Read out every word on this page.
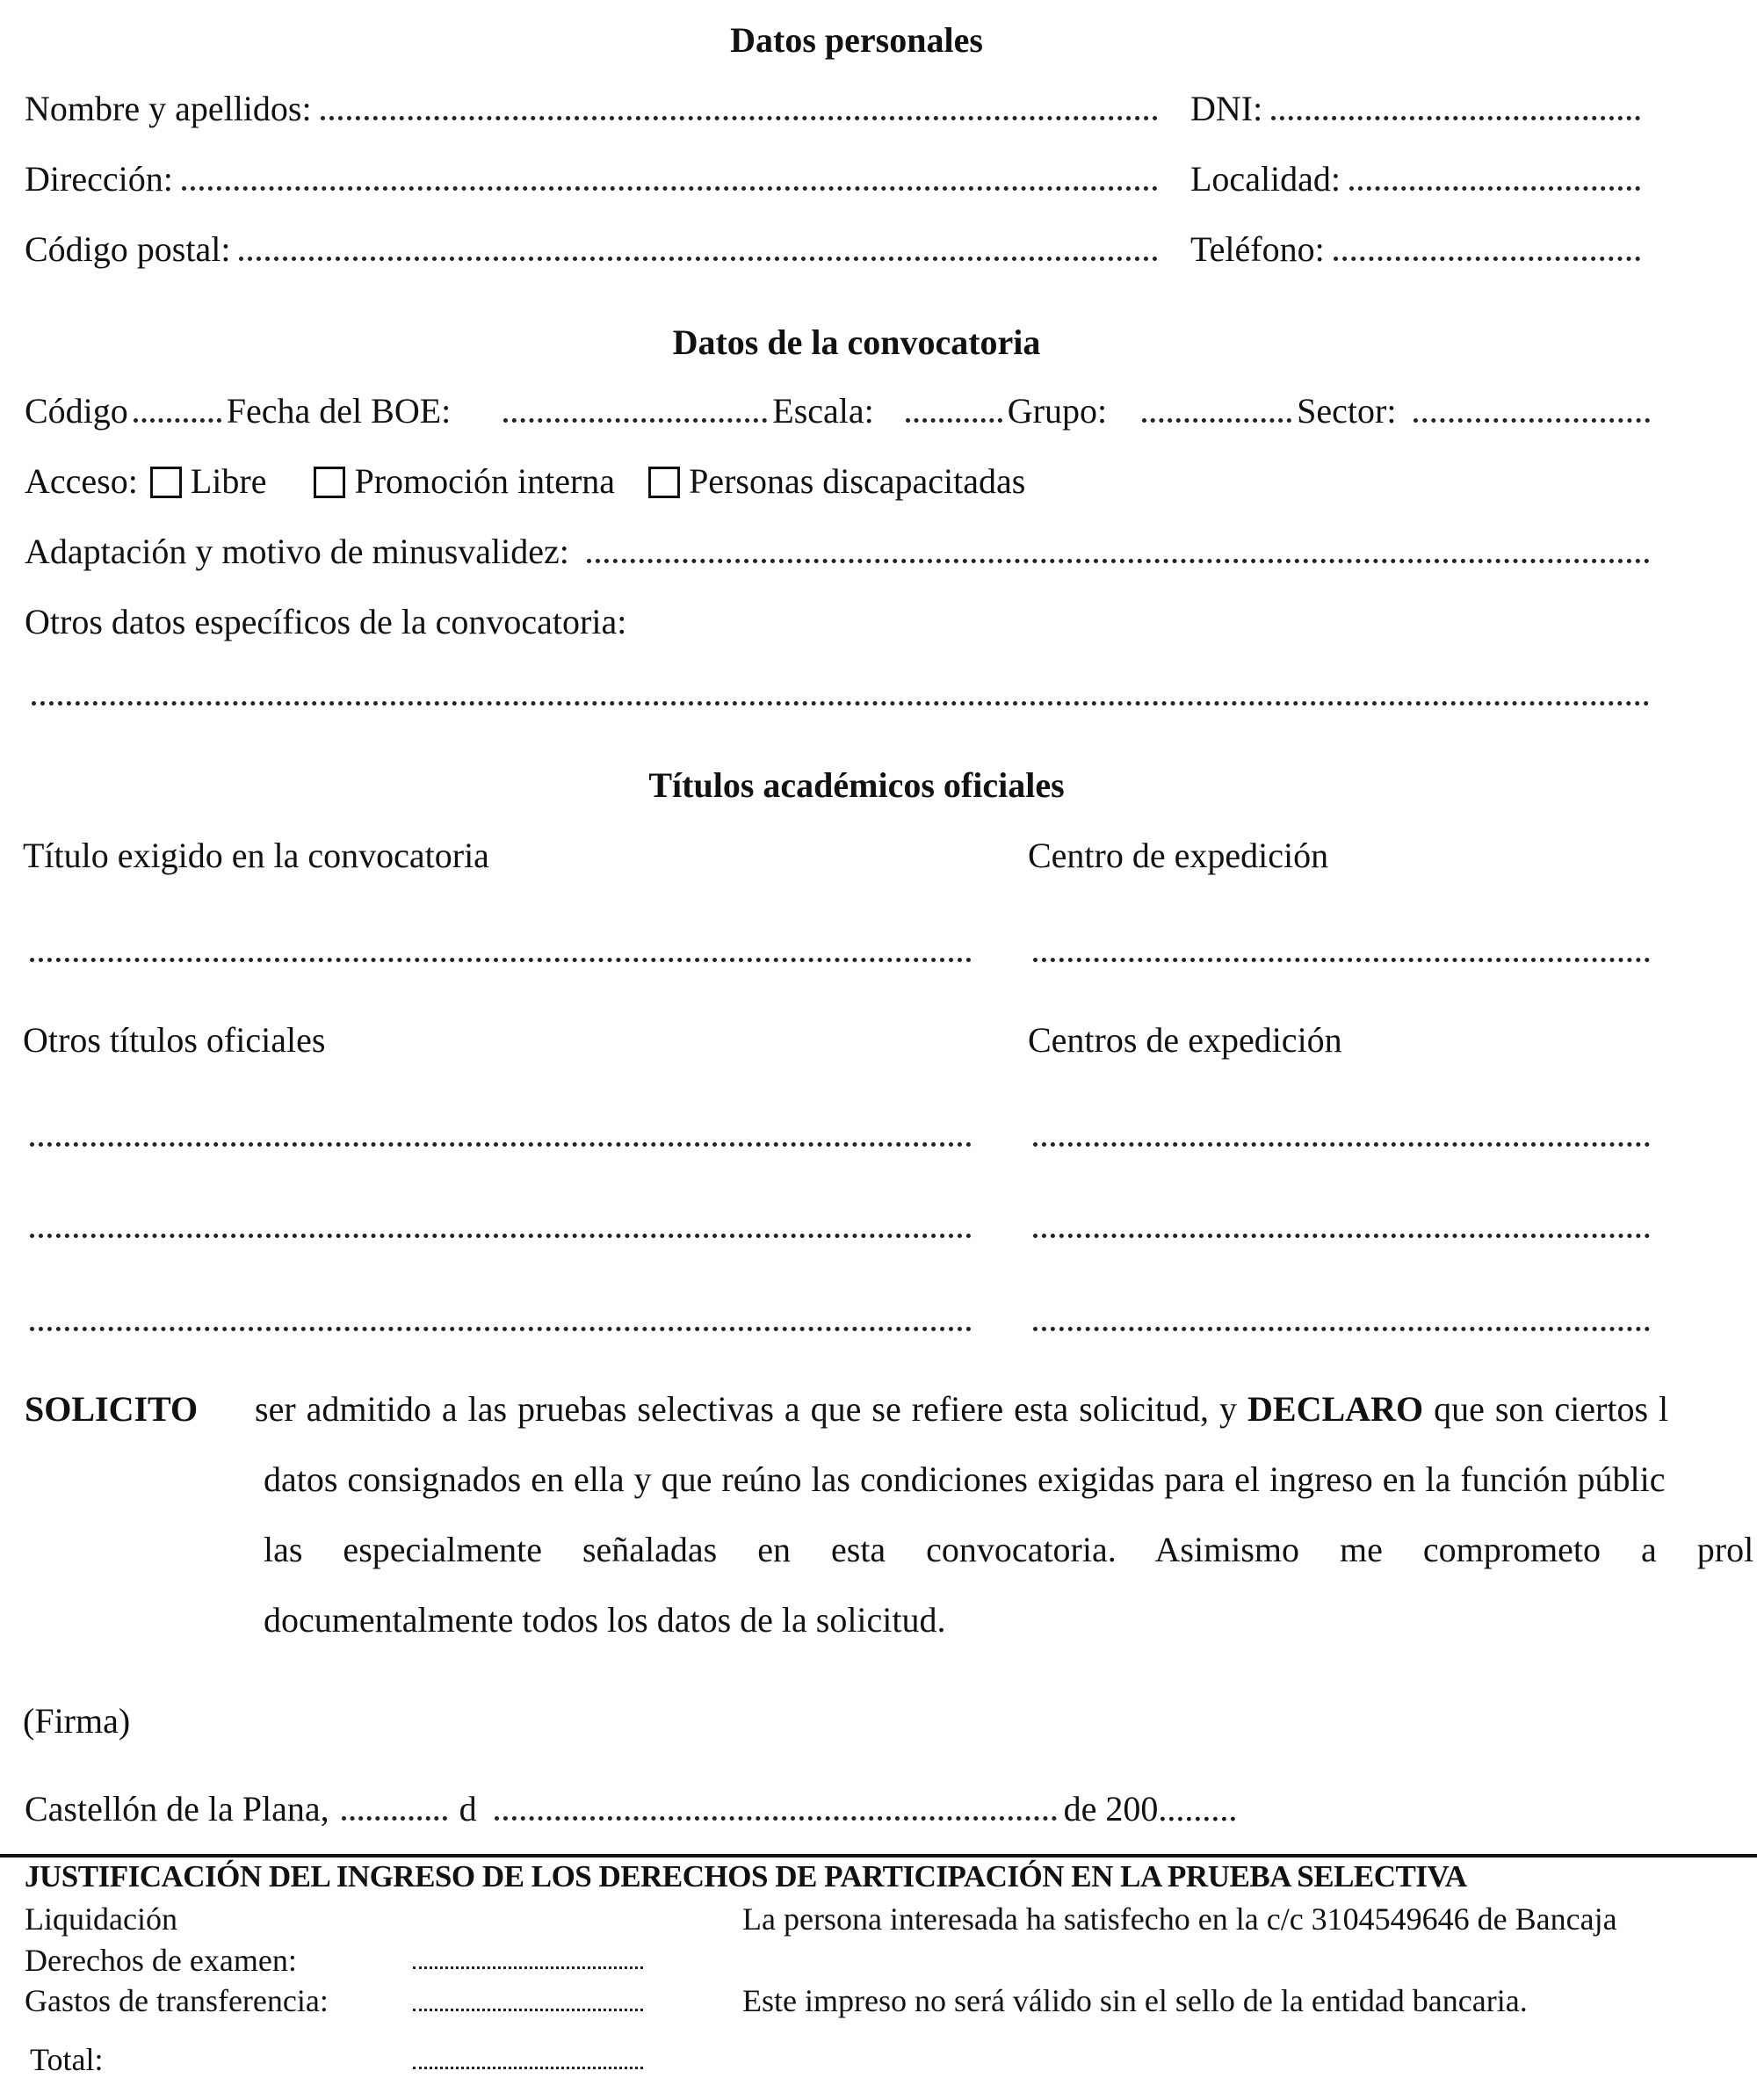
Datos personales
Nombre y apellidos:	DNI:
Dirección:	Localidad:
Código postal:	Teléfono:
Datos de la convocatoria
Código	Fecha del BOE:	Escala:	Grupo:	Sector:
Acceso: Libre	Promoción interna Personas discapacitadas
Adaptación y motivo de minusvalidez:
Otros datos específicos de la convocatoria:
Títulos académicos oficiales
Título exigido en la convocatoria	Centro de expedición
Otros títulos oficiales	Centros de expedición
SOLICITO ser admitido a las pruebas selectivas a que se refiere esta solicitud, y DECLARO que son ciertos l
datos consignados en ella y que reúno las condiciones exigidas para el ingreso en la función públic
las especialmente señaladas en esta convocatoria. Asimismo me comprometo a prol
documentalmente todos los datos de la solicitud.
(Firma)
Castellón de la Plana,	d	de 200.........
JUSTIFICACIÓN DEL INGRESO DE LOS DERECHOS DE PARTICIPACIÓN EN LA PRUEBA SELECTIVA
Liquidación
Derechos de examen:
Gastos de transferencia:
Total:
La persona interesada ha satisfecho en la c/c 3104549646 de Bancaja
Este impreso no será válido sin el sello de la entidad bancaria.
